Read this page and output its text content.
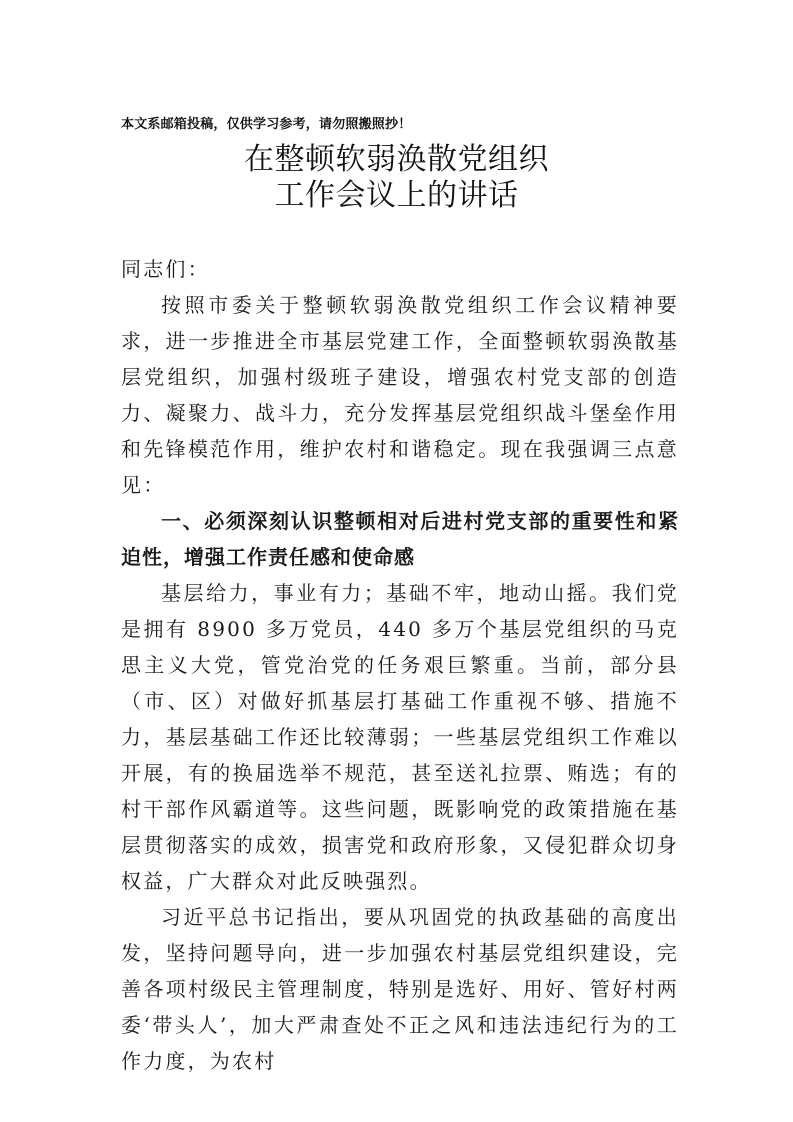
本文系邮箱投稿，仅供学习参考，请勿照搬照抄！
在整顿软弱涣散党组织
工作会议上的讲话

同志们：

按照市委关于整顿软弱涣散党组织工作会议精神要求，进一步推进全市基层党建工作，全面整顿软弱涣散基层党组织，加强村级班子建设，增强农村党支部的创造力、凝聚力、战斗力，充分发挥基层党组织战斗堡垒作用和先锋模范作用，维护农村和谐稳定。现在我强调三点意见：

一、必须深刻认识整顿相对后进村党支部的重要性和紧迫性，增强工作责任感和使命感

基层给力，事业有力；基础不牢，地动山摇。我们党是拥有 8900 多万党员，440 多万个基层党组织的马克思主义大党，管党治党的任务艰巨繁重。当前，部分县（市、区）对做好抓基层打基础工作重视不够、措施不力，基层基础工作还比较薄弱；一些基层党组织工作难以开展，有的换届选举不规范，甚至送礼拉票、贿选；有的村干部作风霸道等。这些问题，既影响党的政策措施在基层贯彻落实的成效，损害党和政府形象，又侵犯群众切身权益，广大群众对此反映强烈。

习近平总书记指出，要从巩固党的执政基础的高度出发，坚持问题导向，进一步加强农村基层党组织建设，完善各项村级民主管理制度，特别是选好、用好、管好村两委‘带头人’，加大严肃查处不正之风和违法违纪行为的工作力度，为农村
